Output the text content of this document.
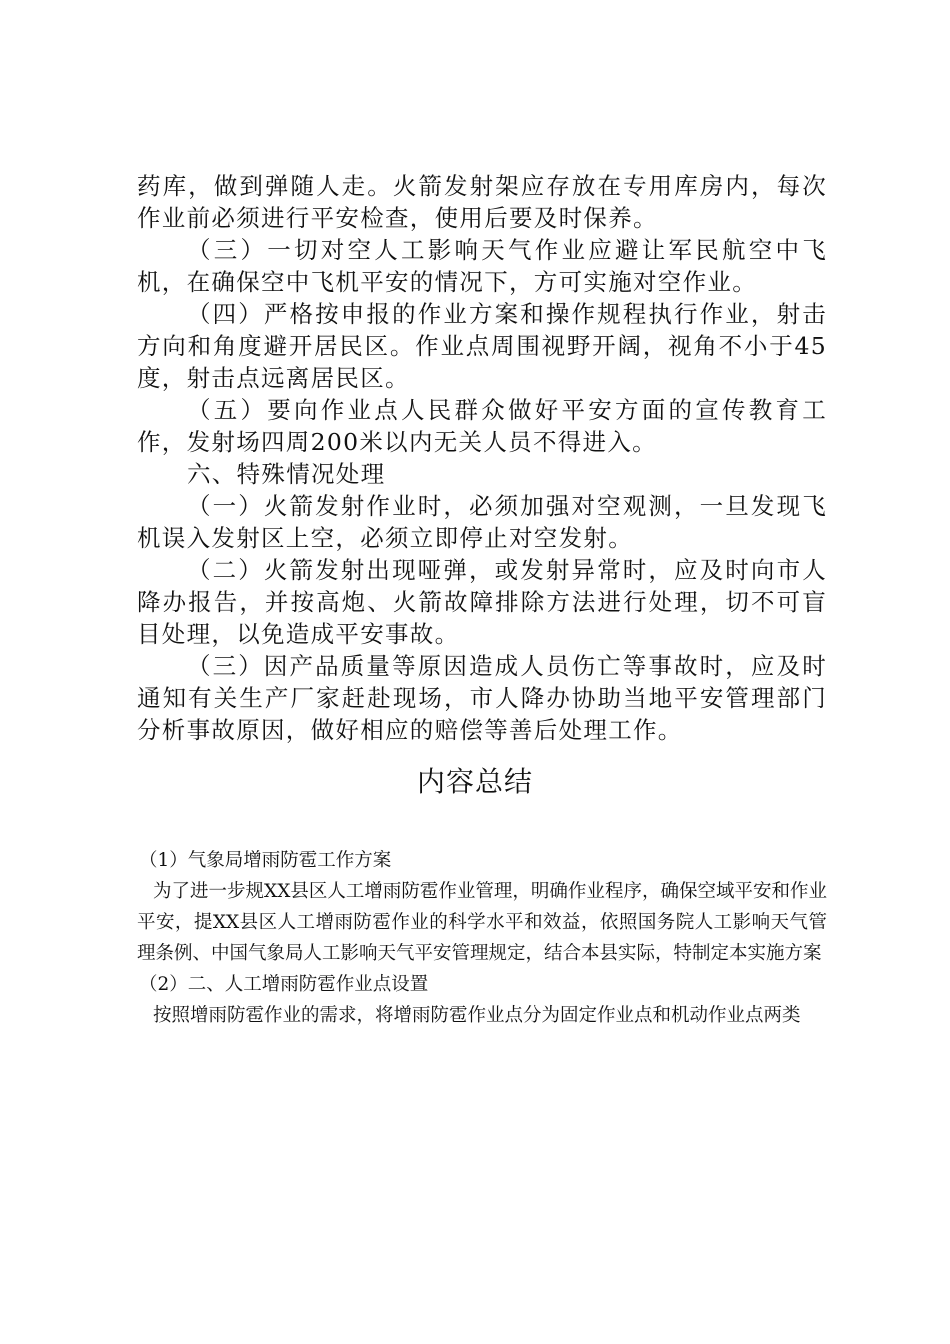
药库，做到弹随人走。火箭发射架应存放在专用库房内，每次作业前必须进行平安检查，使用后要及时保养。

（三）一切对空人工影响天气作业应避让军民航空中飞机，在确保空中飞机平安的情况下，方可实施对空作业。

（四）严格按申报的作业方案和操作规程执行作业，射击方向和角度避开居民区。作业点周围视野开阔，视角不小于45度，射击点远离居民区。

（五）要向作业点人民群众做好平安方面的宣传教育工作，发射场四周200米以内无关人员不得进入。

六、特殊情况处理

（一）火箭发射作业时，必须加强对空观测，一旦发现飞机误入发射区上空，必须立即停止对空发射。

（二）火箭发射出现哑弹，或发射异常时，应及时向市人降办报告，并按高炮、火箭故障排除方法进行处理，切不可盲目处理，以免造成平安事故。

（三）因产品质量等原因造成人员伤亡等事故时，应及时通知有关生产厂家赶赴现场，市人降办协助当地平安管理部门分析事故原因，做好相应的赔偿等善后处理工作。

内容总结

（1）气象局增雨防雹工作方案

为了进一步规XX县区人工增雨防雹作业管理，明确作业程序，确保空域平安和作业平安，提XX县区人工增雨防雹作业的科学水平和效益，依照国务院人工影响天气管理条例、中国气象局人工影响天气平安管理规定，结合本县实际，特制定本实施方案

（2）二、人工增雨防雹作业点设置

按照增雨防雹作业的需求，将增雨防雹作业点分为固定作业点和机动作业点两类
